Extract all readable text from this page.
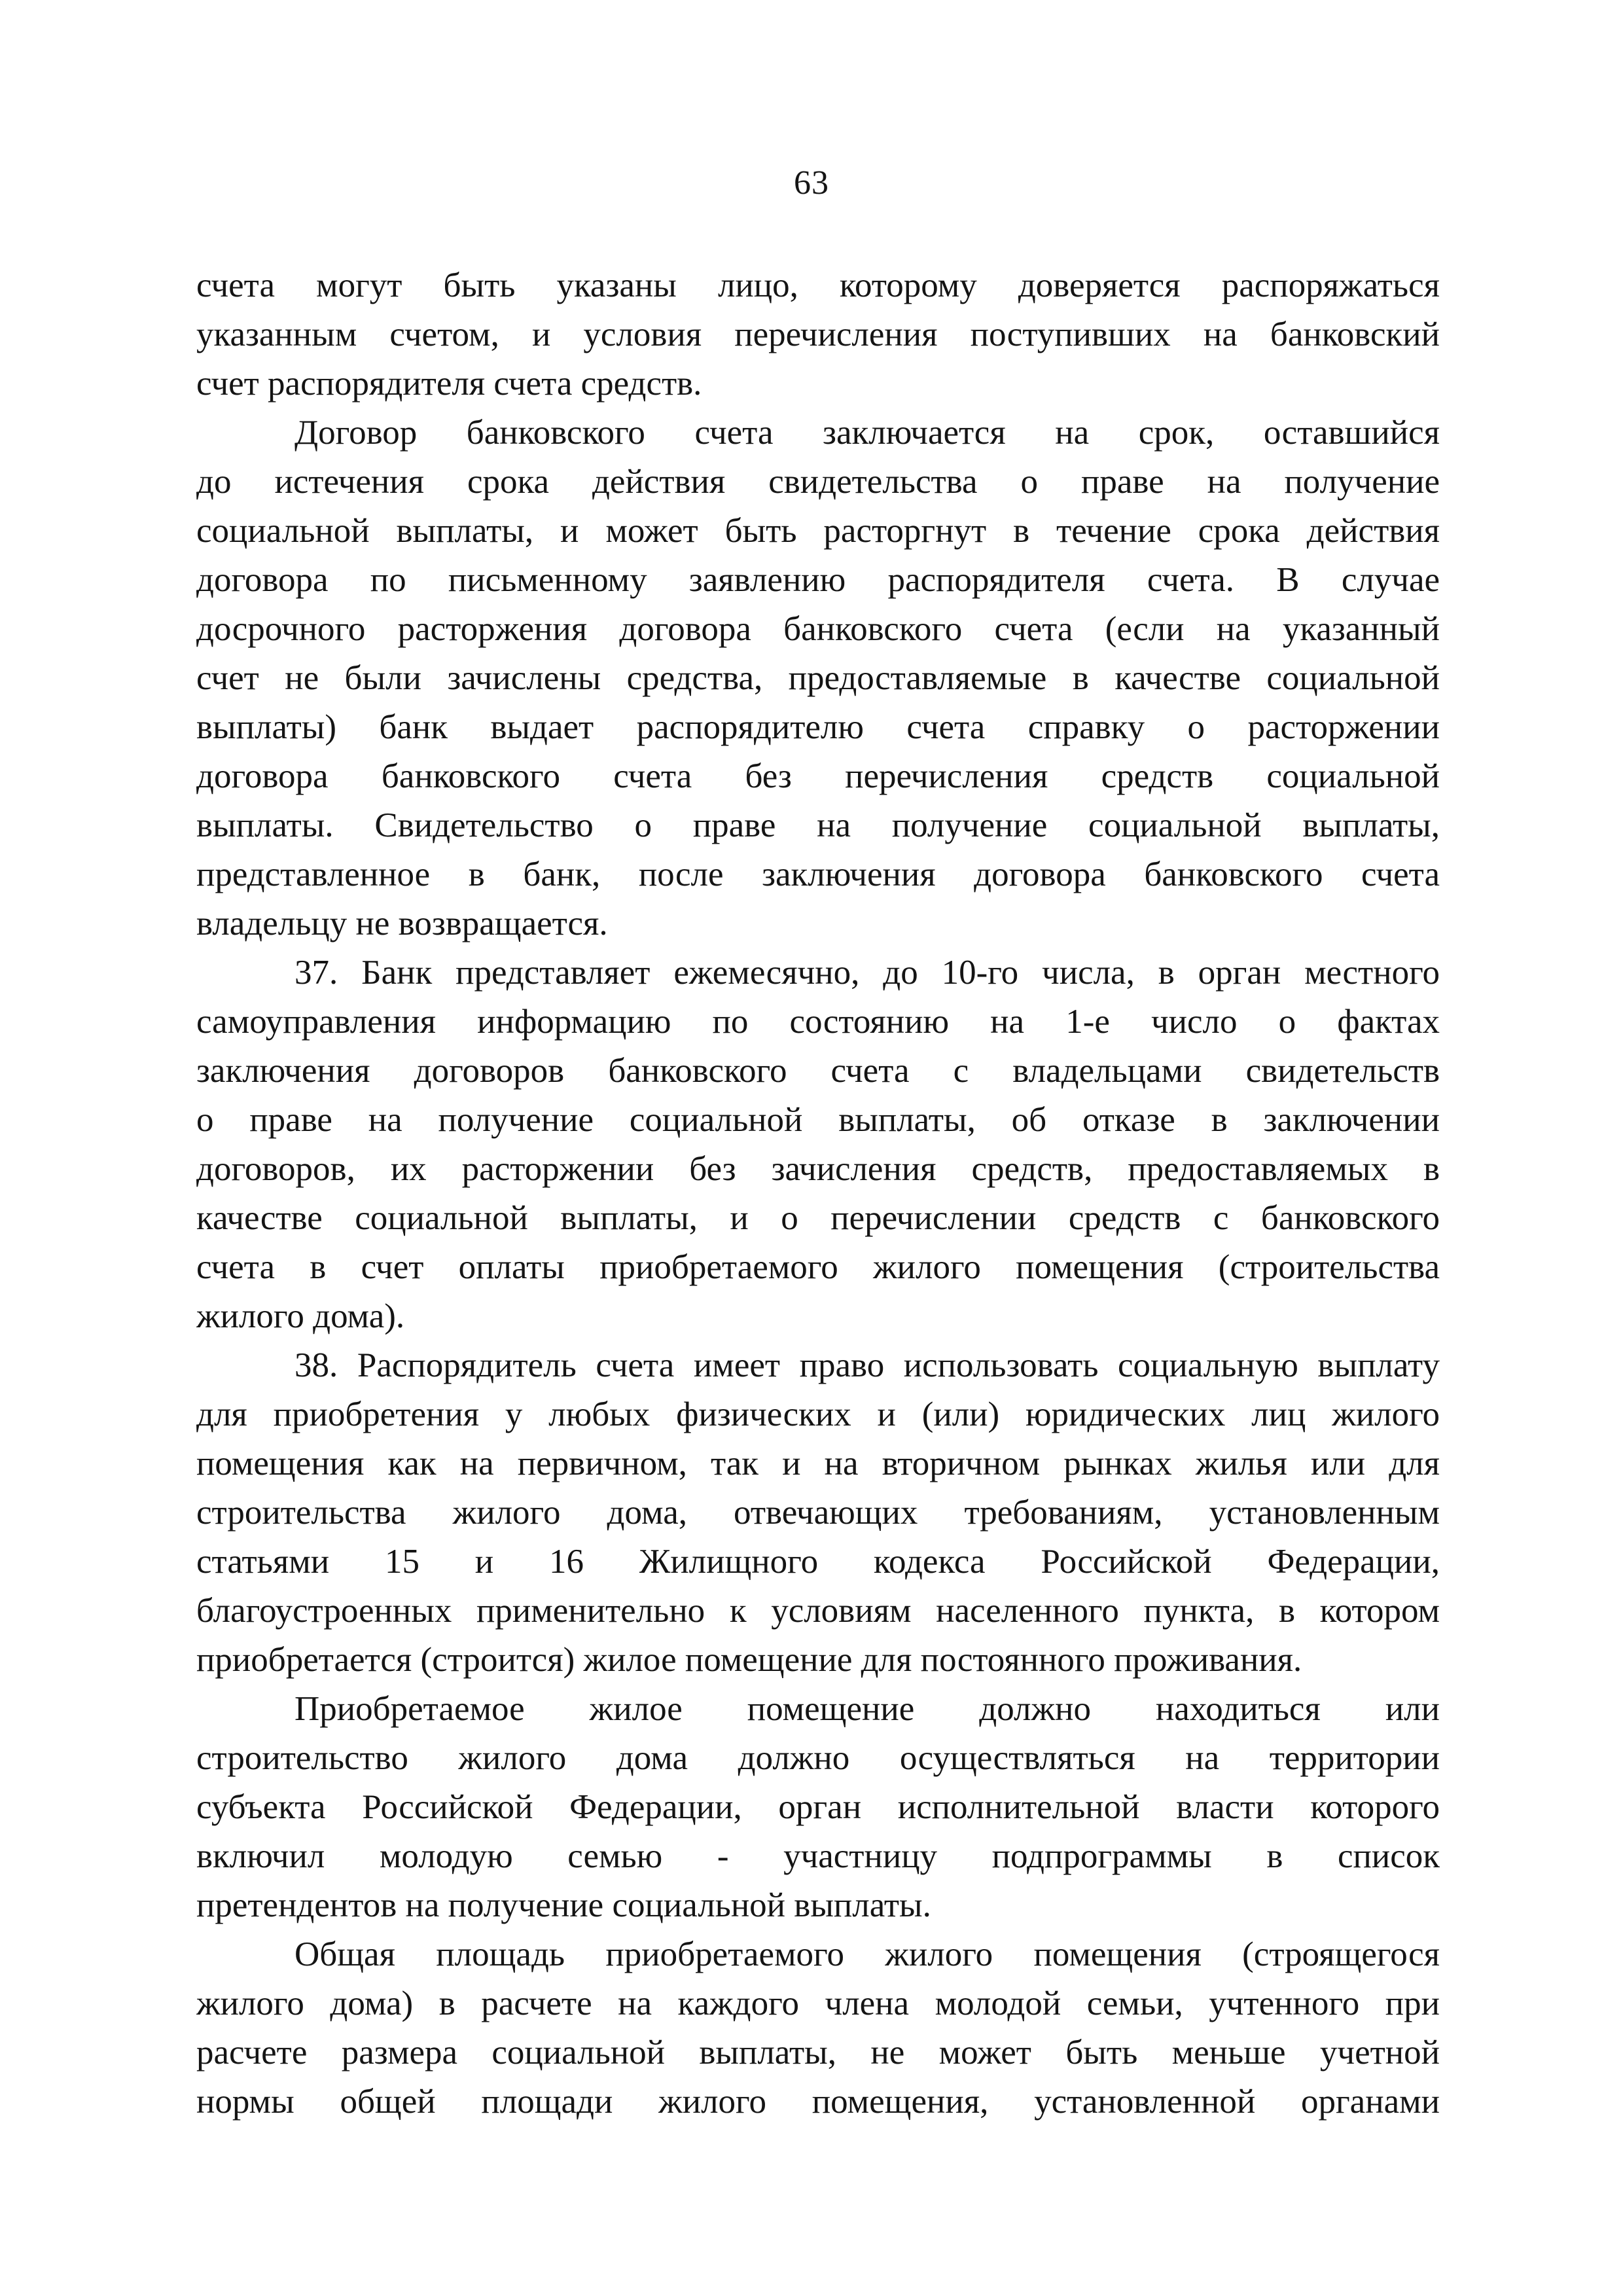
63
счета могут быть указаны лицо, которому доверяется распоряжаться
указанным счетом, и условия перечисления поступивших на банковский
счет распорядителя счета средств.
Договор банковского счета заключается на срок, оставшийся
до истечения срока действия свидетельства о праве на получение
социальной выплаты, и может быть расторгнут в течение срока действия
договора по письменному заявлению распорядителя счета. В случае
досрочного расторжения договора банковского счета (если на указанный
счет не были зачислены средства, предоставляемые в качестве социальной
выплаты) банк выдает распорядителю счета справку о расторжении
договора банковского счета без перечисления средств социальной
выплаты. Свидетельство о праве на получение социальной выплаты,
представленное в банк, после заключения договора банковского счета
владельцу не возвращается.
37. Банк представляет ежемесячно, до 10-го числа, в орган местного
самоуправления информацию по состоянию на 1-е число о фактах
заключения договоров банковского счета с владельцами свидетельств
о праве на получение социальной выплаты, об отказе в заключении
договоров, их расторжении без зачисления средств, предоставляемых в
качестве социальной выплаты, и о перечислении средств с банковского
счета в счет оплаты приобретаемого жилого помещения (строительства
жилого дома).
38. Распорядитель счета имеет право использовать социальную выплату
для приобретения у любых физических и (или) юридических лиц жилого
помещения как на первичном, так и на вторичном рынках жилья или для
строительства жилого дома, отвечающих требованиям, установленным
статьями 15 и 16 Жилищного кодекса Российской Федерации,
благоустроенных применительно к условиям населенного пункта, в котором
приобретается (строится) жилое помещение для постоянного проживания.
Приобретаемое жилое помещение должно находиться или
строительство жилого дома должно осуществляться на территории
субъекта Российской Федерации, орган исполнительной власти которого
включил молодую семью - участницу подпрограммы в список
претендентов на получение социальной выплаты.
Общая площадь приобретаемого жилого помещения (строящегося
жилого дома) в расчете на каждого члена молодой семьи, учтенного при
расчете размера социальной выплаты, не может быть меньше учетной
нормы общей площади жилого помещения, установленной органами
